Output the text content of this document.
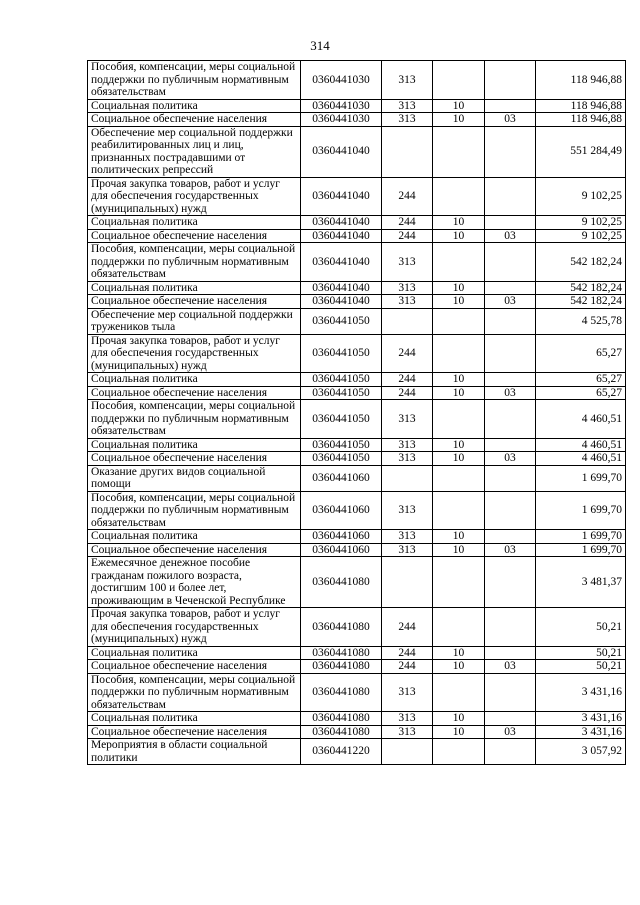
314
Пособия, компенсации, меры социальной поддержки по публичным нормативным обязательствам	0360441030	313			118 946,88
Социальная политика	0360441030	313	10		118 946,88
Социальное обеспечение населения	0360441030	313	10	03	118 946,88
Обеспечение мер социальной поддержки реабилитированных лиц и лиц, признанных пострадавшими от политических репрессий	0360441040				551 284,49
Прочая закупка товаров, работ и услуг для обеспечения государственных (муниципальных) нужд	0360441040	244			9 102,25
Социальная политика	0360441040	244	10		9 102,25
Социальное обеспечение населения	0360441040	244	10	03	9 102,25
Пособия, компенсации, меры социальной поддержки по публичным нормативным обязательствам	0360441040	313			542 182,24
Социальная политика	0360441040	313	10		542 182,24
Социальное обеспечение населения	0360441040	313	10	03	542 182,24
Обеспечение мер социальной поддержки тружеников тыла	0360441050				4 525,78
Прочая закупка товаров, работ и услуг для обеспечения государственных (муниципальных) нужд	0360441050	244			65,27
Социальная политика	0360441050	244	10		65,27
Социальное обеспечение населения	0360441050	244	10	03	65,27
Пособия, компенсации, меры социальной поддержки по публичным нормативным обязательствам	0360441050	313			4 460,51
Социальная политика	0360441050	313	10		4 460,51
Социальное обеспечение населения	0360441050	313	10	03	4 460,51
Оказание других видов социальной помощи	0360441060				1 699,70
Пособия, компенсации, меры социальной поддержки по публичным нормативным обязательствам	0360441060	313			1 699,70
Социальная политика	0360441060	313	10		1 699,70
Социальное обеспечение населения	0360441060	313	10	03	1 699,70
Ежемесячное денежное пособие гражданам пожилого возраста, достигшим 100 и более лет, проживающим в Чеченской Республике	0360441080				3 481,37
Прочая закупка товаров, работ и услуг для обеспечения государственных (муниципальных) нужд	0360441080	244			50,21
Социальная политика	0360441080	244	10		50,21
Социальное обеспечение населения	0360441080	244	10	03	50,21
Пособия, компенсации, меры социальной поддержки по публичным нормативным обязательствам	0360441080	313			3 431,16
Социальная политика	0360441080	313	10		3 431,16
Социальное обеспечение населения	0360441080	313	10	03	3 431,16
Мероприятия в области социальной политики	0360441220				3 057,92
